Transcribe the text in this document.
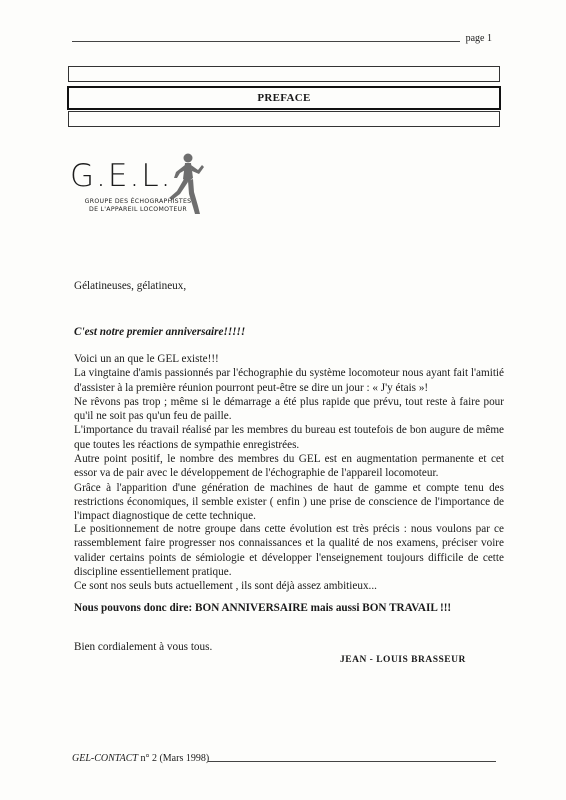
page 1
PREFACE
G.E.L.
GROUPE DES ÉCHOGRAPHISTES
DE L'APPAREIL LOCOMOTEUR

Gélatineuses, gélatineux,

C'est notre premier anniversaire!!!!!

Voici un an que le GEL existe!!!

La vingtaine d'amis passionnés par l'échographie du système locomoteur nous ayant fait l'amitié d'assister à la première réunion pourront peut-être se dire un jour : « J'y étais »!

Ne rêvons pas trop ; même si le démarrage a été plus rapide que prévu, tout reste à faire pour qu'il ne soit pas qu'un feu de paille.

L'importance du travail réalisé par les membres du bureau est toutefois de bon augure de même que toutes les réactions de sympathie enregistrées.

Autre point positif, le nombre des membres du GEL est en augmentation permanente et cet essor va de pair avec le développement de l'échographie de l'appareil locomoteur.

Grâce à l'apparition d'une génération de machines de haut de gamme et compte tenu des restrictions économiques, il semble exister ( enfin ) une prise de conscience de l'importance de l'impact diagnostique de cette technique.

Le positionnement de notre groupe dans cette évolution est très précis : nous voulons par ce rassemblement faire progresser nos connaissances et la qualité de nos examens, préciser voire valider certains points de sémiologie et développer l'enseignement toujours difficile de cette discipline essentiellement pratique.

Ce sont nos seuls buts actuellement , ils sont déjà assez ambitieux...

Nous pouvons donc dire: BON ANNIVERSAIRE mais aussi BON TRAVAIL !!!

Bien cordialement à vous tous.

JEAN - LOUIS BRASSEUR
GEL-CONTACT n° 2 (Mars 1998)
